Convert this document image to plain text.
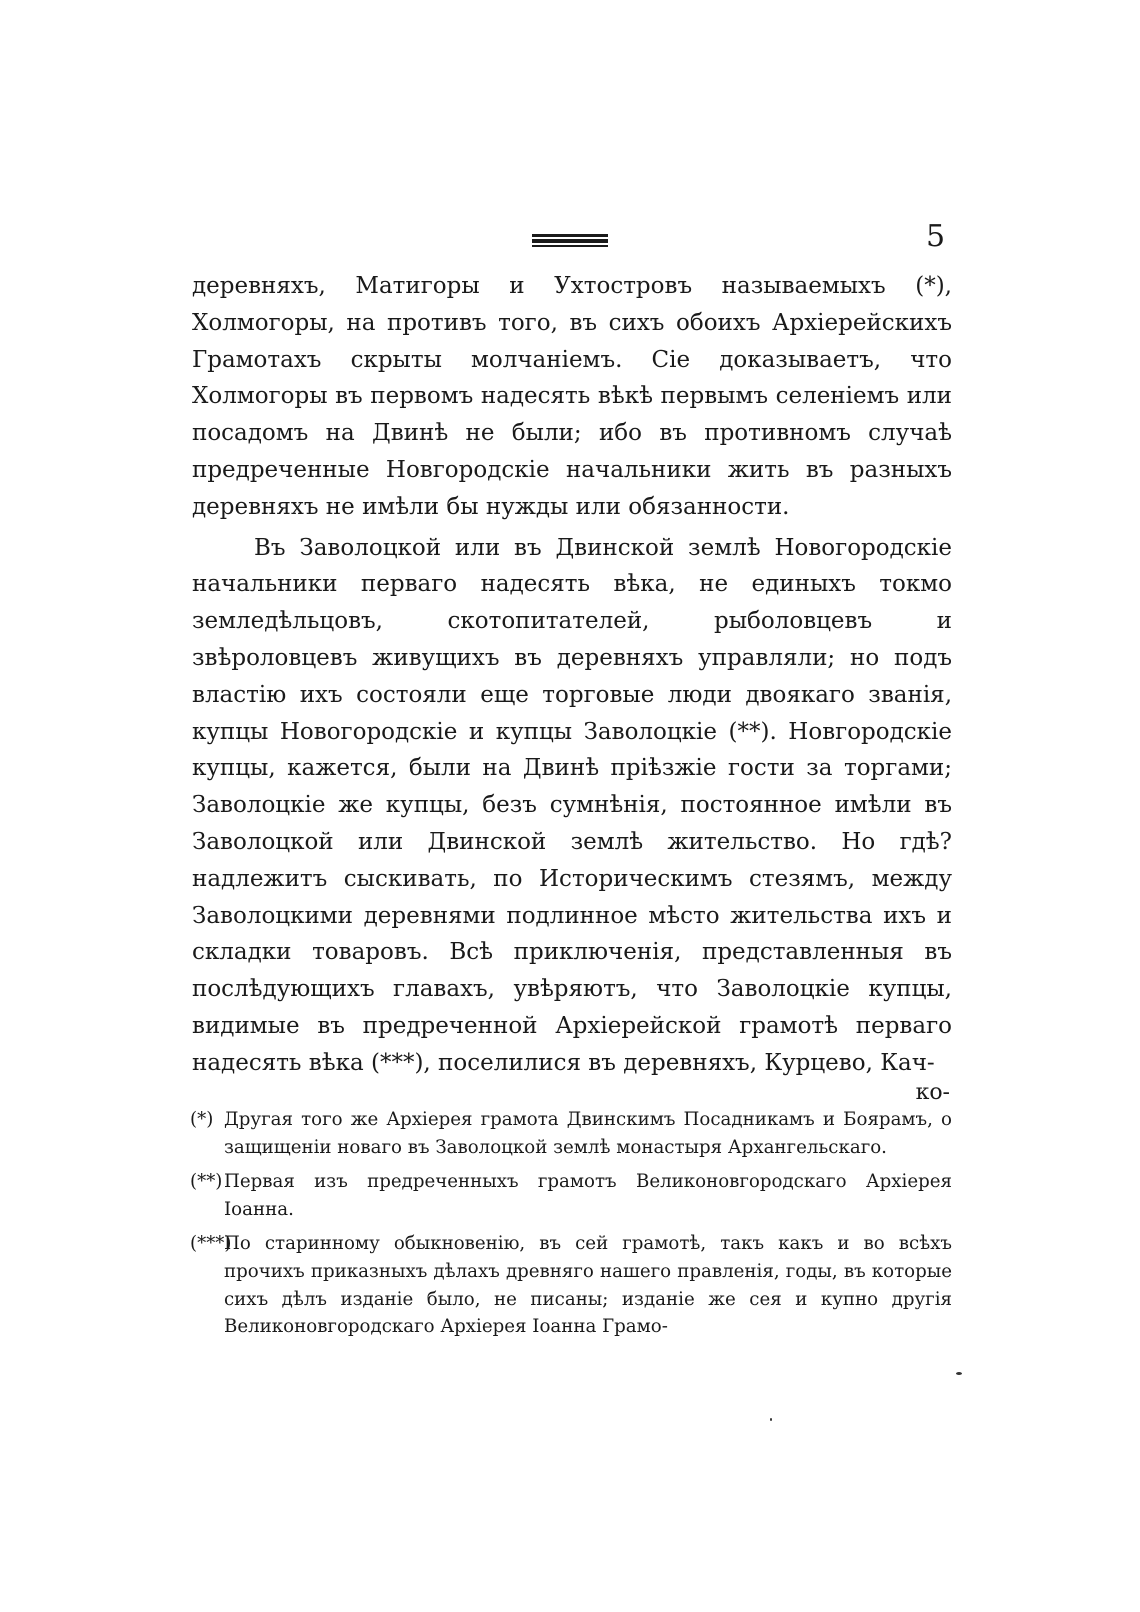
5

деревняхъ, Матигоры и Ухтостровъ называемыхъ (*), Холмогоры, на противъ того, въ сихъ обоихъ Архіерейскихъ Грамотахъ скрыты молчаніемъ. Сіе доказываетъ, что Холмогоры въ первомъ надесять вѣкѣ первымъ селеніемъ или посадомъ на Двинѣ не были; ибо въ противномъ случаѣ предреченные Новгородскіе начальники жить въ разныхъ деревняхъ не имѣли бы нужды или обязанности.

Въ Заволоцкой или въ Двинской землѣ Новогородскіе начальники перваго надесять вѣка, не единыхъ токмо земледѣльцовъ, скотопитателей, рыболовцевъ и звѣроловцевъ живущихъ въ деревняхъ управляли; но подъ властію ихъ состояли еще торговые люди двоякаго званія, купцы Новогородскіе и купцы Заволоцкіе (**). Новгородскіе купцы, кажется, были на Двинѣ пріѣзжіе гости за торгами; Заволоцкіе же купцы, безъ сумнѣнія, постоянное имѣли въ Заволоцкой или Двинской землѣ жительство. Но гдѣ? надлежитъ сыскивать, по Историческимъ стезямъ, между Заволоцкими деревнями подлинное мѣсто жительства ихъ и складки товаровъ. Всѣ приключенія, представленныя въ послѣдующихъ главахъ, увѣряютъ, что Заволоцкіе купцы, видимые въ предреченной Архіерейской грамотѣ перваго надесять вѣка (***), поселилися въ деревняхъ, Курцево, Кач-

ко-
(*) Другая того же Архіерея грамота Двинскимъ Посадникамъ и Боярамъ, о защищеніи новаго въ Заволоцкой землѣ монастыря Архангельскаго.
(**) Первая изъ предреченныхъ грамотъ Великоновгородскаго Архіерея Іоанна.
(***)
По старинному обыкновенію, въ сей грамотѣ, такъ какъ и во всѣхъ прочихъ приказныхъ дѣлахъ древняго нашего правленія, годы, въ которые сихъ дѣлъ изданіе было, не писаны; изданіе же сея и купно другія Великоновгородскаго Архіерея Іоанна Грамо-
